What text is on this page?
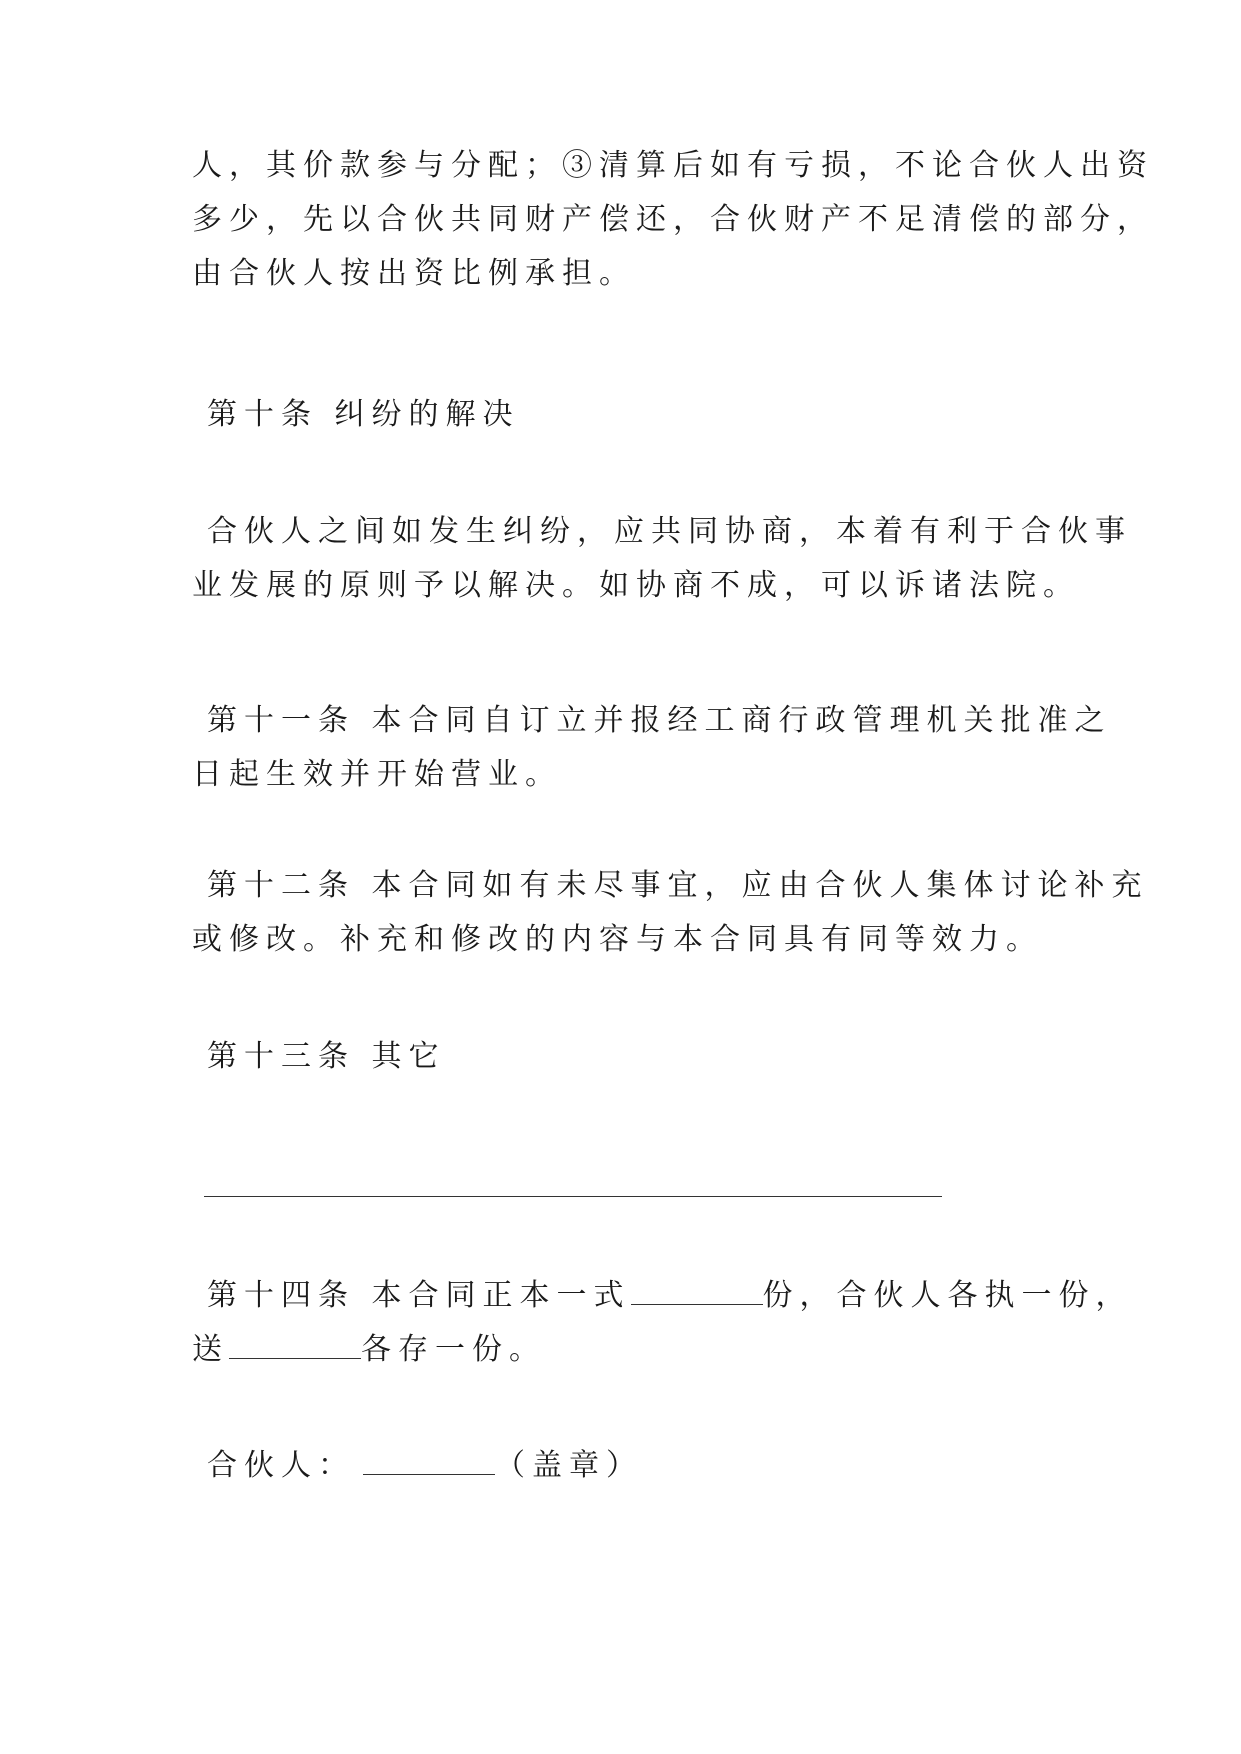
人，其价款参与分配；③清算后如有亏损，不论合伙人出资
多少，先以合伙共同财产偿还，合伙财产不足清偿的部分，
由合伙人按出资比例承担。
第十条 纠纷的解决
合伙人之间如发生纠纷，应共同协商，本着有利于合伙事
业发展的原则予以解决。如协商不成，可以诉诸法院。
第十一条 本合同自订立并报经工商行政管理机关批准之
日起生效并开始营业。
第十二条 本合同如有未尽事宜，应由合伙人集体讨论补充
或修改。补充和修改的内容与本合同具有同等效力。
第十三条 其它
第十四条 本合同正本一式	份，合伙人各执一份，
送	各存一份。
合伙人：	（盖章）
